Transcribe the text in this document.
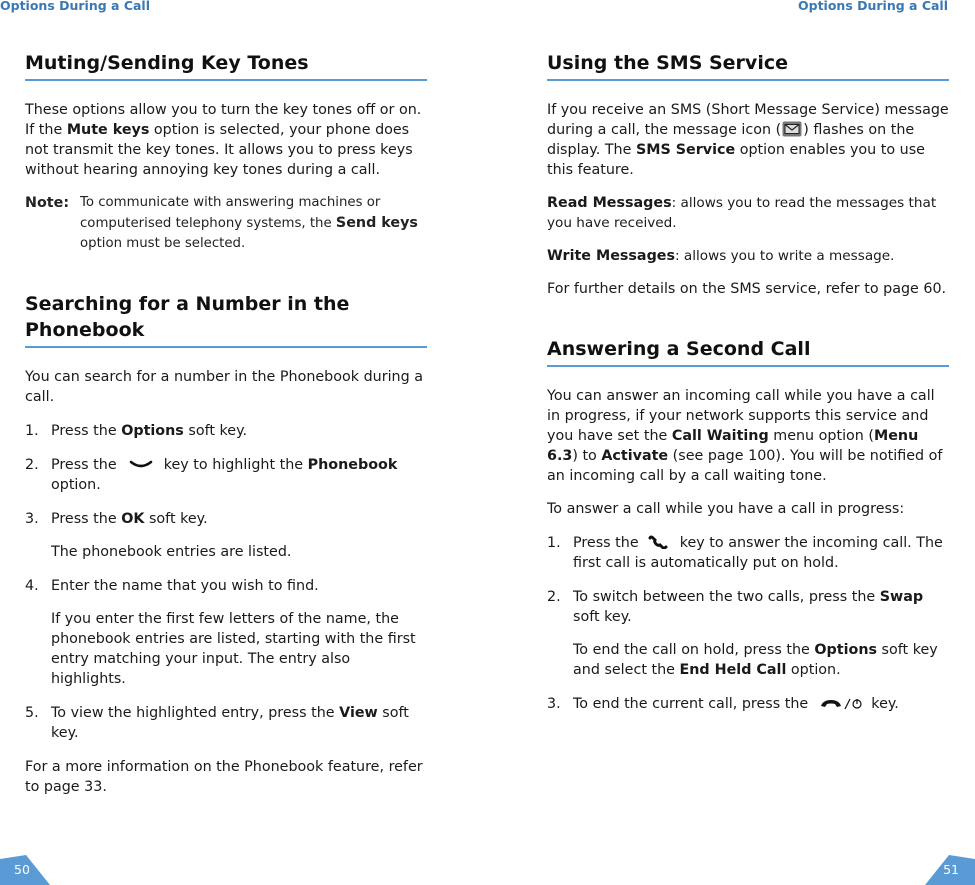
Options During a Call	Options During a Call
Muting/Sending Key Tones

These options allow you to turn the key tones off or on. If the Mute keys option is selected, your phone does not transmit the key tones. It allows you to press keys without hearing annoying key tones during a call.

Note: To communicate with answering machines or computerised telephony systems, the Send keys option must be selected.
Searching for a Number in the Phonebook

You can search for a number in the Phonebook during a call.

1. Press the Options soft key.
2. Press the	key to highlight the Phonebook option.
3. Press the OK soft key.

The phonebook entries are listed.

4. Enter the name that you wish to find.

If you enter the first few letters of the name, the phonebook entries are listed, starting with the first entry matching your input. The entry also highlights.

5. To view the highlighted entry, press the View soft key.

For a more information on the Phonebook feature, refer to page 33.

Using the SMS Service

If you receive an SMS (Short Message Service) message during a call, the message icon ( ) flashes on the display. The SMS Service option enables you to use this feature.

Read Messages: allows you to read the messages that you have received.

Write Messages: allows you to write a message.

For further details on the SMS service, refer to page 60.

Answering a Second Call

You can answer an incoming call while you have a call in progress, if your network supports this service and you have set the Call Waiting menu option (Menu 6.3) to Activate (see page 100). You will be notified of an incoming call by a call waiting tone.

To answer a call while you have a call in progress:

1. Press the  key to answer the incoming call. The first call is automatically put on hold.
2. To switch between the two calls, press the Swap soft key.

To end the call on hold, press the Options soft key and select the End Held Call option.

3. To end the current call, press the	key.
50	51
